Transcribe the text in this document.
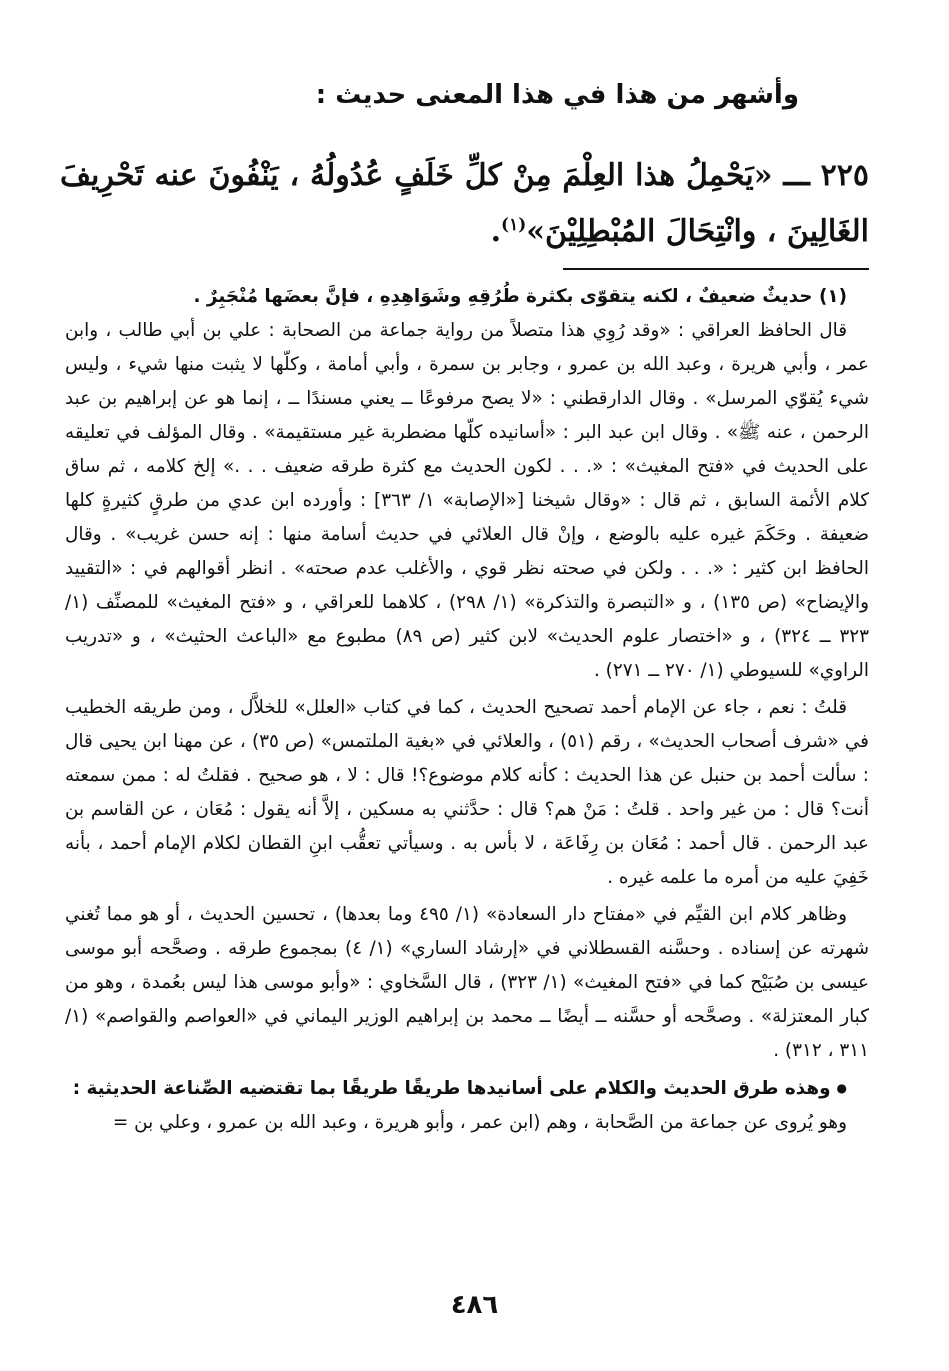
وأشهر من هذا في هذا المعنى حديث :
٢٢٥ ـــ «يَحْمِلُ هذا العِلْمَ مِنْ كلِّ خَلَفٍ عُدُولُهُ ، يَنْفُونَ عنه تَحْرِيفَ الغَالِينَ ، وانْتِحَالَ المُبْطِلِيْنَ»$^{(١)}$.

(١) حديثٌ ضعيفٌ ، لكنه يتقوّى بكثرة طُرُقِهِ وشَوَاهِدِهِ ، فإنَّ بعضَها مُنْجَبِرٌ .

قال الحافظ العراقي : «وقد رُوِي هذا متصلاً من رواية جماعة من الصحابة : علي بن أبي طالب ، وابن عمر ، وأبي هريرة ، وعبد الله بن عمرو ، وجابر بن سمرة ، وأبي أمامة ، وكلّها لا يثبت منها شيء ، وليس شيء يُقوّي المرسل» . وقال الدارقطني : «لا يصح مرفوعًا ــ يعني مسندًا ــ ، إنما هو عن إبراهيم بن عبد الرحمن ، عنه ﷺ» . وقال ابن عبد البر : «أسانيده كلّها مضطربة غير مستقيمة» . وقال المؤلف في تعليقه على الحديث في «فتح المغيث» : «. . . لكون الحديث مع كثرة طرقه ضعيف . . .» إلخ كلامه ، ثم ساق كلام الأئمة السابق ، ثم قال : «وقال شيخنا [«الإصابة» ١/ ٣٦٣] : وأورده ابن عدي من طرقٍ كثيرةٍ كلها ضعيفة . وحَكَمَ غيره عليه بالوضع ، وإنْ قال العلائي في حديث أسامة منها : إنه حسن غريب» . وقال الحافظ ابن كثير : «. . . ولكن في صحته نظر قوي ، والأغلب عدم صحته» . انظر أقوالهم في : «التقييد والإيضاح» (ص ١٣٥) ، و «التبصرة والتذكرة» (١/ ٢٩٨) ، كلاهما للعراقي ، و «فتح المغيث» للمصنِّف (١/ ٣٢٣ ــ ٣٢٤) ، و «اختصار علوم الحديث» لابن كثير (ص ٨٩) مطبوع مع «الباعث الحثيث» ، و «تدريب الراوي» للسيوطي (١/ ٢٧٠ ــ ٢٧١) .

قلتُ : نعم ، جاء عن الإمام أحمد تصحيح الحديث ، كما في كتاب «العلل» للخلاَّل ، ومن طريقه الخطيب في «شرف أصحاب الحديث» ، رقم (٥١) ، والعلائي في «بغية الملتمس» (ص ٣٥) ، عن مهنا ابن يحيى قال : سألت أحمد بن حنبل عن هذا الحديث : كأنه كلام موضوع؟! قال : لا ، هو صحيح . فقلتُ له : ممن سمعته أنت؟ قال : من غير واحد . قلتُ : مَنْ هم؟ قال : حدَّثني به مسكين ، إلاَّ أنه يقول : مُعَان ، عن القاسم بن عبد الرحمن . قال أحمد : مُعَان بن رِفَاعَة ، لا بأس به . وسيأتي تعقُّب ابنِ القطان لكلام الإمام أحمد ، بأنه خَفِيَ عليه من أمره ما علمه غيره .

وظاهر كلام ابن القيِّم في «مفتاح دار السعادة» (١/ ٤٩٥ وما بعدها) ، تحسين الحديث ، أو هو مما تُغني شهرته عن إسناده . وحسَّنه القسطلاني في «إرشاد الساري» (١/ ٤) بمجموع طرقه . وصحَّحه أبو موسى عيسى بن صُبَيْح كما في «فتح المغيث» (١/ ٣٢٣) ، قال السَّخاوي : «وأبو موسى هذا ليس بعُمدة ، وهو من كبار المعتزلة» . وصحَّحه أو حسَّنه ــ أيضًا ــ محمد بن إبراهيم الوزير اليماني في «العواصم والقواصم» (١/ ٣١١ ، ٣١٢) .

●وهذه طرق الحديث والكلام على أسانيدها طريقًا طريقًا بما تقتضيه الصِّناعة الحديثية :

وهو يُروى عن جماعة من الصَّحابة ، وهم (ابن عمر ، وأبو هريرة ، وعبد الله بن عمرو ، وعلي بن =

٤٨٦
